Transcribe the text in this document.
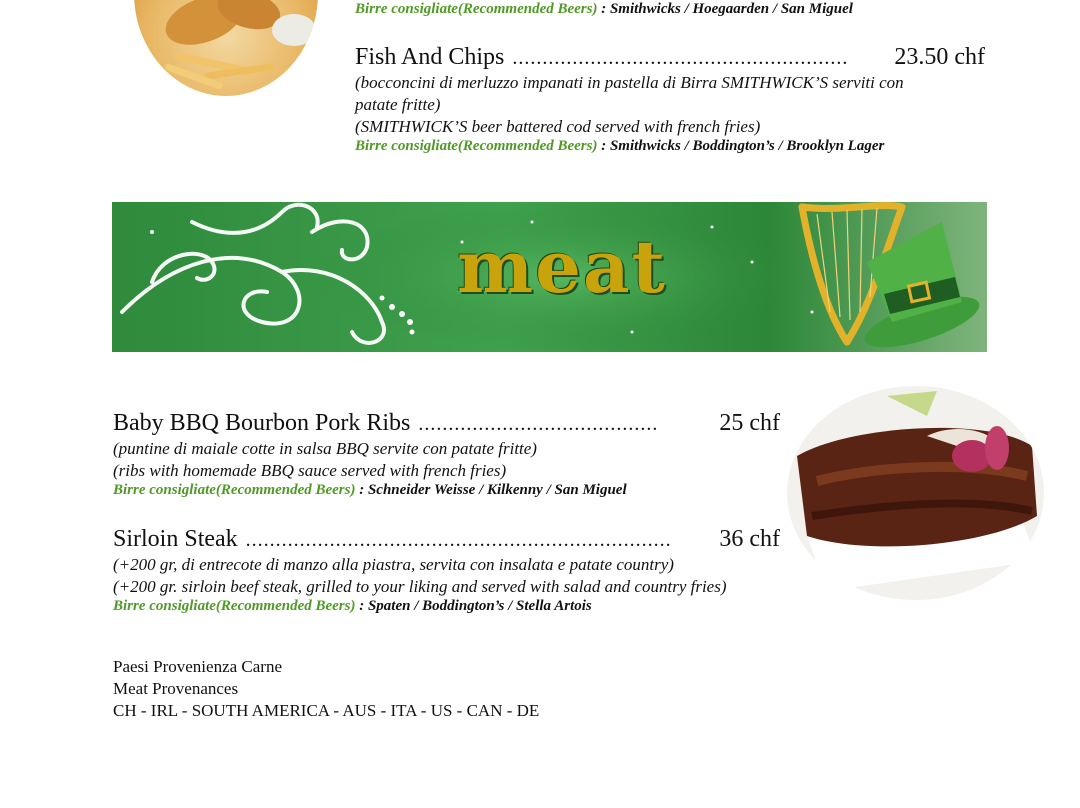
Birre consigliate(Recommended Beers) : Smithwicks / Hoegaarden / San Miguel
Fish And Chips ........................................................	23.50 chf
(bocconcini di merluzzo impanati in pastella di Birra SMITHWICK’S serviti con
patate fritte)
(SMITHWICK’S beer battered cod served with french fries)
Birre consigliate(Recommended Beers) : Smithwicks / Boddington’s / Brooklyn Lager
meat
Baby BBQ Bourbon Pork Ribs ........................................	25 chf
(puntine di maiale cotte in salsa BBQ servite con patate fritte)
(ribs with homemade BBQ sauce served with french fries)
Birre consigliate(Recommended Beers) : Schneider Weisse / Kilkenny / San Miguel
Sirloin Steak .......................................................................	36 chf
(+200 gr, di entrecote di manzo alla piastra, servita con insalata e patate country)
(+200 gr. sirloin beef steak, grilled to your liking and served with salad and country fries)
Birre consigliate(Recommended Beers) : Spaten / Boddington’s / Stella Artois
Paesi Provenienza Carne
Meat Provenances
CH - IRL - SOUTH AMERICA - AUS - ITA - US - CAN - DE
